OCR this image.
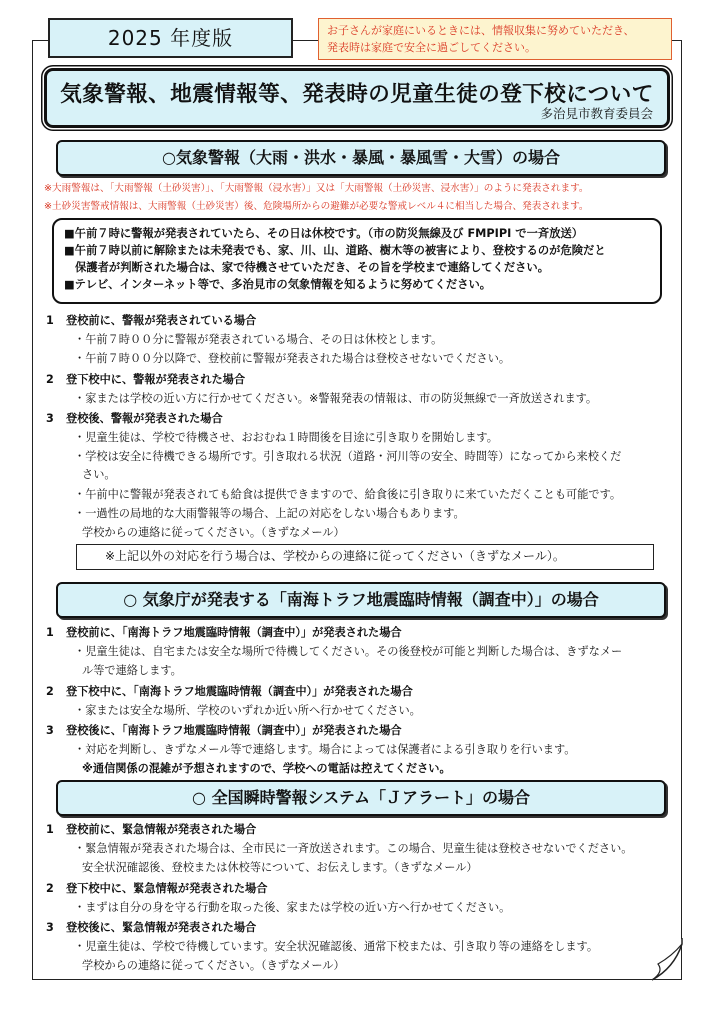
2025 年度版	お子さんが家庭にいるときには、情報収集に努めていただき、
発表時は家庭で安全に過ごしてください。
気象警報、地震情報等、発表時の児童生徒の登下校について
多治見市教育委員会
○気象警報（大雨・洪水・暴風・暴風雪・大雪）の場合
※大雨警報は、「大雨警報（土砂災害）」、「大雨警報（浸水害）」又は「大雨警報（土砂災害、浸水害）」のように発表されます。
※土砂災害警戒情報は、大雨警報（土砂災害）後、危険場所からの避難が必要な警戒レベル４に相当した場合、発表されます。

■午前７時に警報が発表されていたら、その日は休校です。（市の防災無線及び FMPIPI で一斉放送）

■午前７時以前に解除または未発表でも、家、川、山、道路、樹木等の被害により、登校するのが危険だと

保護者が判断された場合は、家で待機させていただき、その旨を学校まで連絡してください。

■テレビ、インターネット等で、多治見市の気象情報を知るように努めてください。

1 登校前に、警報が発表されている場合
・午前７時００分に警報が発表されている場合、その日は休校とします。
・午前７時００分以降で、登校前に警報が発表された場合は登校させないでください。
2 登下校中に、警報が発表された場合
・家または学校の近い方に行かせてください。※警報発表の情報は、市の防災無線で一斉放送されます。
3 登校後、警報が発表された場合
・児童生徒は、学校で待機させ、おおむね１時間後を目途に引き取りを開始します。
・学校は安全に待機できる場所です。引き取れる状況（道路・河川等の安全、時間等）になってから来校くだ
さい。
・午前中に警報が発表されても給食は提供できますので、給食後に引き取りに来ていただくことも可能です。
・一過性の局地的な大雨警報等の場合、上記の対応をしない場合もあります。
学校からの連絡に従ってください。（きずなメール）
※上記以外の対応を行う場合は、学校からの連絡に従ってください（きずなメール）。
○ 気象庁が発表する「南海トラフ地震臨時情報（調査中）」の場合
1 登校前に、「南海トラフ地震臨時情報（調査中）」が発表された場合
・児童生徒は、自宅または安全な場所で待機してください。その後登校が可能と判断した場合は、きずなメー
ル等で連絡します。
2 登下校中に、「南海トラフ地震臨時情報（調査中）」が発表された場合
・家または安全な場所、学校のいずれか近い所へ行かせてください。
3 登校後に、「南海トラフ地震臨時情報（調査中）」が発表された場合
・対応を判断し、きずなメール等で連絡します。場合によっては保護者による引き取りを行います。
※通信関係の混雑が予想されますので、学校への電話は控えてください。
○ 全国瞬時警報システム「Ｊアラート」の場合
1 登校前に、緊急情報が発表された場合
・緊急情報が発表された場合は、全市民に一斉放送されます。この場合、児童生徒は登校させないでください。
安全状況確認後、登校または休校等について、お伝えします。（きずなメール）
2 登下校中に、緊急情報が発表された場合
・まずは自分の身を守る行動を取った後、家または学校の近い方へ行かせてください。
3 登校後に、緊急情報が発表された場合
・児童生徒は、学校で待機しています。安全状況確認後、通常下校または、引き取り等の連絡をします。
学校からの連絡に従ってください。（きずなメール）
